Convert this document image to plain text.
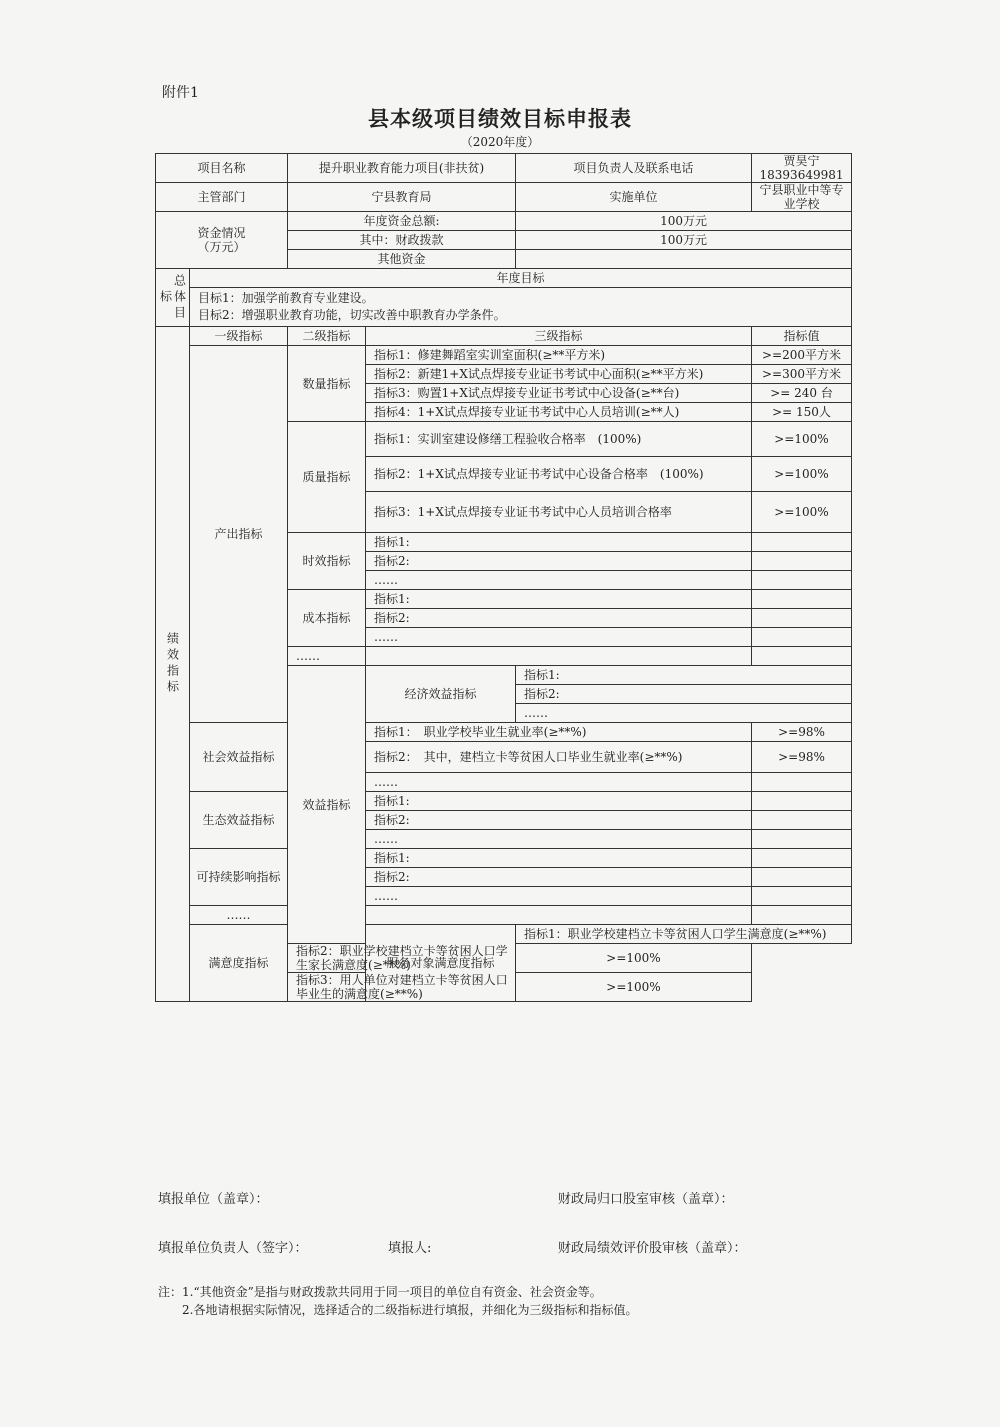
附件1
县本级项目绩效目标申报表
（2020年度）
项目名称		提升职业教育能力项目(非扶贫)		项目负责人及联系电话	贾昊宁18393649981	
主管部门		宁县教育局		实施单位	宁县职业中等专业学校	
资金情况
（万元）		年度资金总额:		100万元		
		其中：财政拨款		100万元		
		其他资金				
总体目标	年度目标					

	目标1：加强学前教育专业建设。
目标2：增强职业教育功能，切实改善中职教育办学条件。					

绩效指标	一级指标	二级指标	三级指标		指标值	
	产出指标	数量指标	指标1：修建舞蹈室实训室面积(≥**平方米)		>=200平方米	
			指标2：新建1+X试点焊接专业证书考试中心面积(≥**平方米)		>=300平方米	
			指标3：购置1+X试点焊接专业证书考试中心设备(≥**台)		>= 240 台	
			指标4：1+X试点焊接专业证书考试中心人员培训(≥**人)		>= 150人	
		质量指标	指标1：实训室建设修缮工程验收合格率　(100%)		>=100%	
			指标2：1+X试点焊接专业证书考试中心设备合格率　(100%)		>=100%	
			指标3：1+X试点焊接专业证书考试中心人员培训合格率		>=100%	
		时效指标	指标1:			
			指标2:			
			……			
		成本指标	指标1:			
			指标2:			
			……			
		……				
		效益指标	经济效益指标	指标1:		
				指标2:		
				……		
	社会效益指标		指标1：　职业学校毕业生就业率(≥**%)		>=98%	
			指标2：　其中，建档立卡等贫困人口毕业生就业率(≥**%)		>=98%	
			……			
	生态效益指标		指标1:			
			指标2:			
			……			
	可持续影响指标		指标1:			
			指标2:			
			……			
	……					
	满意度指标		服务对象满意度指标	指标1：职业学校建档立卡等贫困人口学生满意度(≥**%)	
		指标2：职业学校建档立卡等贫困人口学生家长满意度(≥**%)		>=100%		
		指标3：用人单位对建档立卡等贫困人口毕业生的满意度(≥**%)		>=100%		
填报单位（盖章）：	财政局归口股室审核（盖章）：
填报单位负责人（签字）：	填报人:	财政局绩效评价股审核（盖章）：
注：1.“其他资金”是指与财政拨款共同用于同一项目的单位自有资金、社会资金等。
　　2.各地请根据实际情况，选择适合的二级指标进行填报，并细化为三级指标和指标值。
